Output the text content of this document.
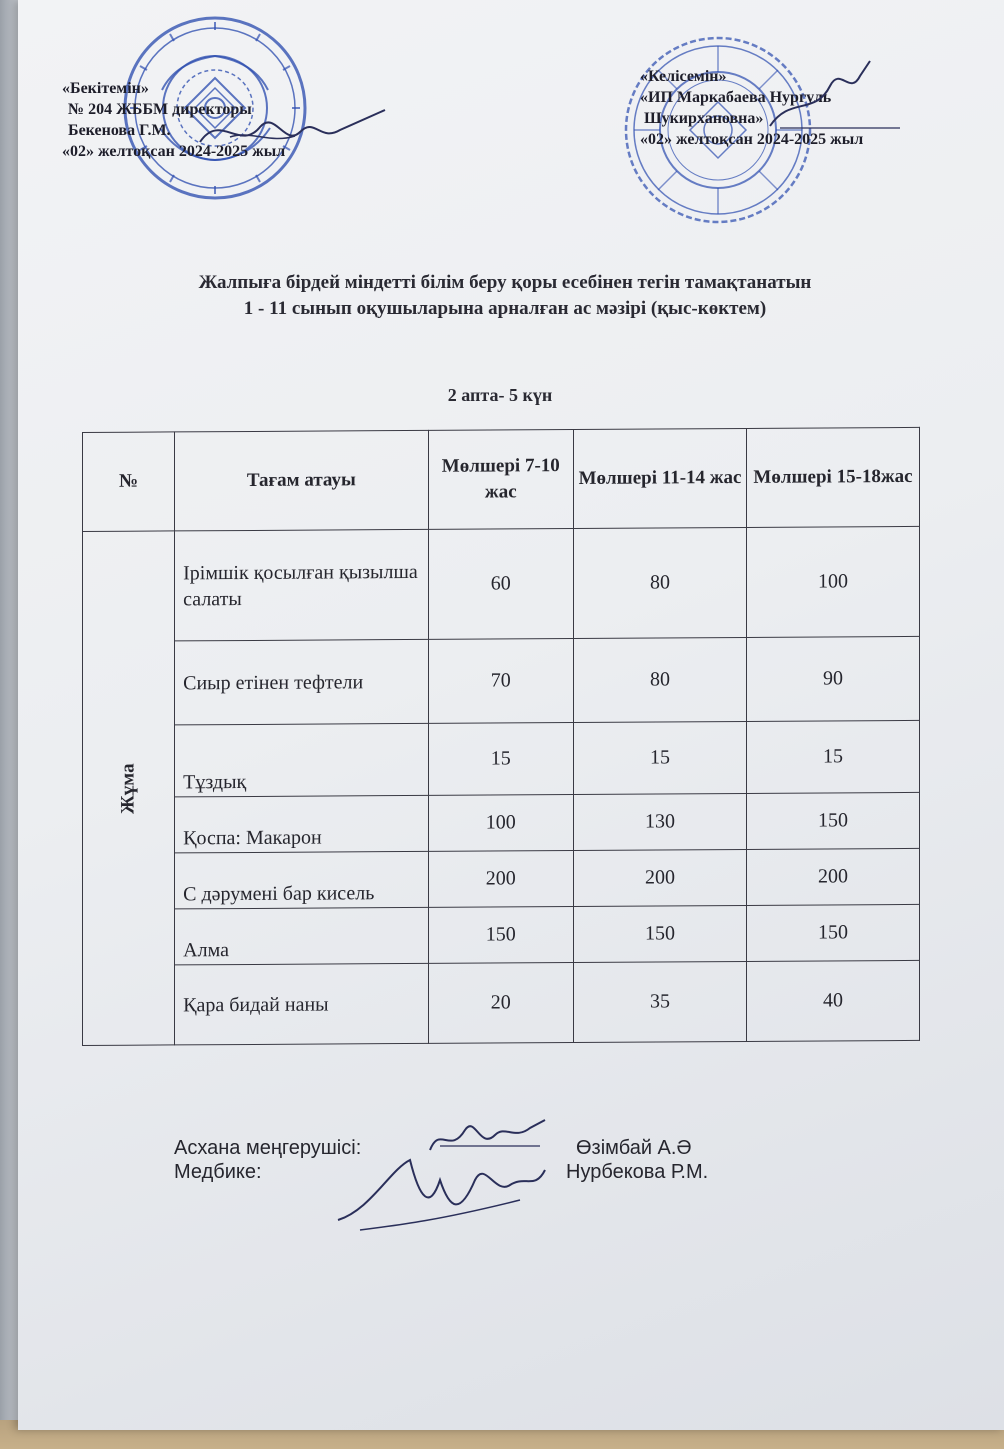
«Бекітемін»
№ 204 ЖББМ директоры
Бекенова Г.М.
«02» желтоқсан 2024-2025 жыл
«Келісемін»
«ИП Маркабаева Нургуль
Шукирхановна»
«02» желтоқсан 2024-2025 жыл
Жалпыға бірдей міндетті білім беру қоры есебінен тегін тамақтанатын
1 - 11 сынып оқушыларына арналған ас мәзірі (қыс-көктем)
2 апта- 5 күн
№	Тағам атауы	Мөлшері 7-10 жас	Мөлшері 11-14 жас	Мөлшері 15-18жас
Жұма	Ірімшік қосылған қызылша салаты	60	80	100
	Сиыр етінен тефтели	70	80	90
	Тұздық	15	15	15
	Қоспа: Макарон	100	130	150
	С дәрумені бар кисель	200	200	200
	Алма	150	150	150
	Қара бидай наны	20	35	40
Асхана меңгерушісі:
Медбике:
Өзімбай А.Ә
Нурбекова Р.М.
